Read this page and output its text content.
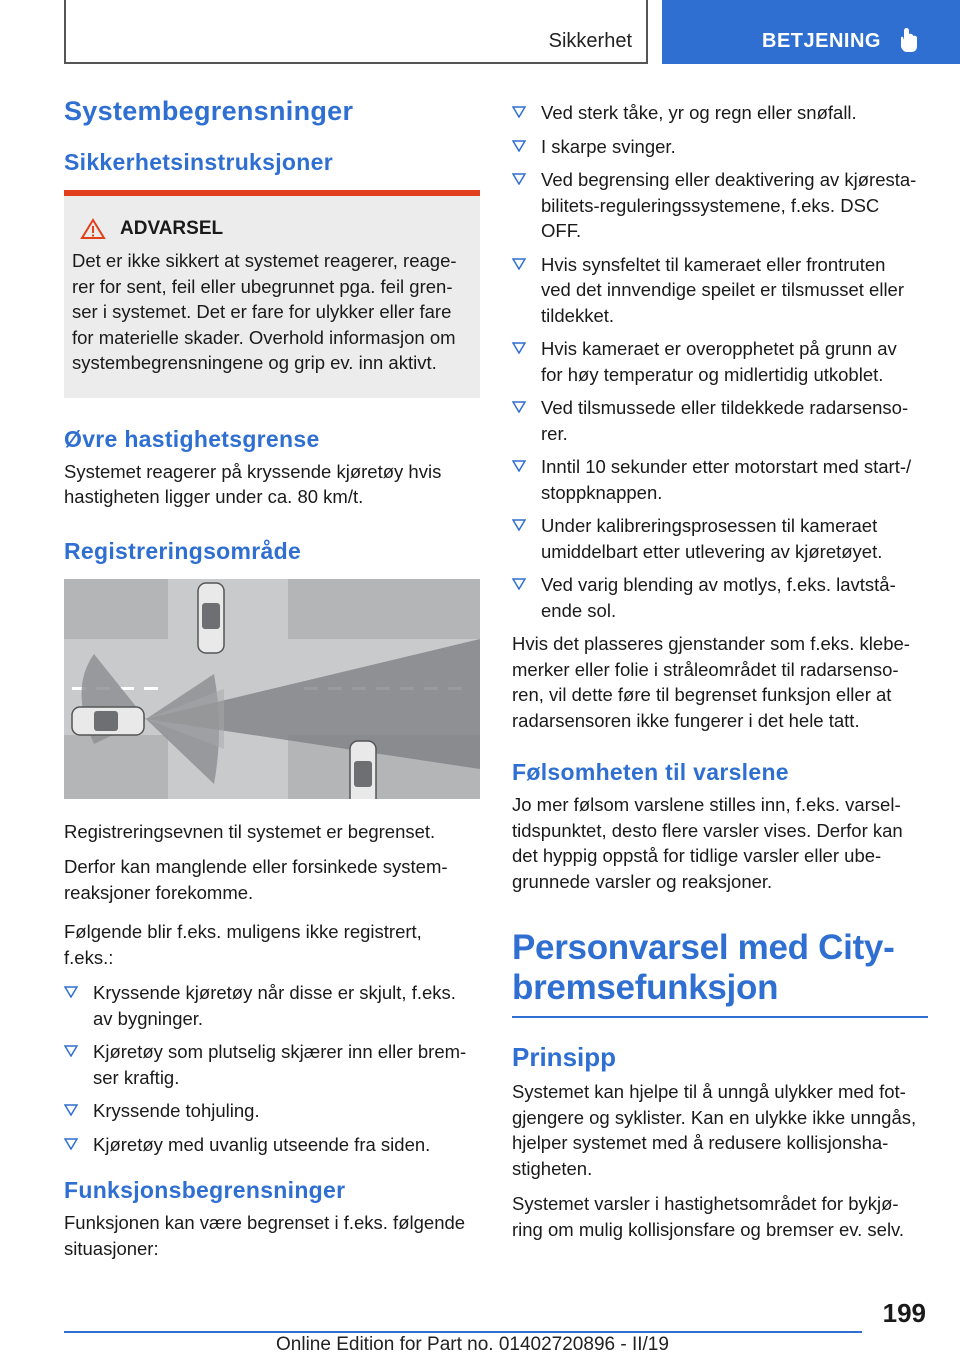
Sikkerhet	BETJENING
Systembegrensninger
Sikkerhetsinstruksjoner
ADVARSEL

Det er ikke sikkert at systemet reagerer, reage-
rer for sent, feil eller ubegrunnet pga. feil gren-
ser i systemet. Det er fare for ulykker eller fare
for materielle skader. Overhold informasjon om
systembegrensningene og grip ev. inn aktivt.

Øvre hastighetsgrense

Systemet reagerer på kryssende kjøretøy hvis
hastigheten ligger under ca. 80 km/t.

Registreringsområde

Registreringsevnen til systemet er begrenset.

Derfor kan manglende eller forsinkede system-
reaksjoner forekomme.

Følgende blir f.eks. muligens ikke registrert,
f.eks.:

Kryssende kjøretøy når disse er skjult, f.eks.
av bygninger.
Kjøretøy som plutselig skjærer inn eller brem-
ser kraftig.
Kryssende tohjuling.
Kjøretøy med uvanlig utseende fra siden.
Funksjonsbegrensninger

Funksjonen kan være begrenset i f.eks. følgende
situasjoner:

Ved sterk tåke, yr og regn eller snøfall.
I skarpe svinger.
Ved begrensing eller deaktivering av kjøresta-
bilitets-reguleringssystemene, f.eks. DSC
OFF.
Hvis synsfeltet til kameraet eller frontruten
ved det innvendige speilet er tilsmusset eller
tildekket.
Hvis kameraet er overopphetet på grunn av
for høy temperatur og midlertidig utkoblet.
Ved tilsmussede eller tildekkede radarsenso-
rer.
Inntil 10 sekunder etter motorstart med start-/
stoppknappen.
Under kalibreringsprosessen til kameraet
umiddelbart etter utlevering av kjøretøyet.
Ved varig blending av motlys, f.eks. lavtstå-
ende sol.

Hvis det plasseres gjenstander som f.eks. klebe-
merker eller folie i stråleområdet til radarsenso-
ren, vil dette føre til begrenset funksjon eller at
radarsensoren ikke fungerer i det hele tatt.

Følsomheten til varslene

Jo mer følsom varslene stilles inn, f.eks. varsel-
tidspunktet, desto flere varsler vises. Derfor kan
det hyppig oppstå for tidlige varsler eller ube-
grunnede varsler og reaksjoner.

Personvarsel med City-
bremsefunksjon
Prinsipp

Systemet kan hjelpe til å unngå ulykker med fot-
gjengere og syklister. Kan en ulykke ikke unngås,
hjelper systemet med å redusere kollisjonsha-
stigheten.

Systemet varsler i hastighetsområdet for bykjø-
ring om mulig kollisjonsfare og bremser ev. selv.

199
Online Edition for Part no. 01402720896 - II/19
